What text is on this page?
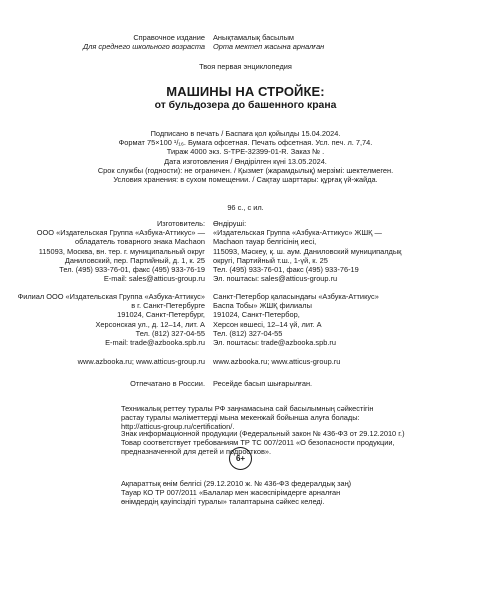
Справочное издание
Для среднего школьного возраста
Анықтамалық басылым
Орта мектеп жасына арналған
Твоя первая энциклопедия
МАШИНЫ НА СТРОЙКЕ:
от бульдозера до башенного крана
Подписано в печать / Баспаға қол қойылды 15.04.2024.
Формат 75×100 ¹/₁₆. Бумага офсетная. Печать офсетная. Усл. печ. л. 7,74.
Тираж 4000 экз. S-TPE-32399-01-R. Заказ № .
Дата изготовления / Өндірілген күні 13.05.2024.
Срок службы (годности): не ограничен. / Қызмет (жарамдылық) мерзімі: шектелмеген.
Условия хранения: в сухом помещении. / Сақтау шарттары: құрғақ үй-жайда.
96 с., с ил.
Изготовитель:
ООО «Издательская Группа «Азбука-Аттикус» —
обладатель товарного знака Machaon
115093, Москва, вн. тер. г. муниципальный округ
Даниловский, пер. Партийный, д. 1, к. 25
Тел. (495) 933-76-01, факс (495) 933-76-19
E-mail: sales@atticus-group.ru
Өндіруші:
«Издательская Группа «Азбука-Аттикус» ЖШҚ —
Machaon тауар белгісінің иесі,
115093, Мәскеу, қ. ш. аум. Даниловский муниципалдық
округі, Партийный т.ш., 1-үй, к. 25
Тел. (495) 933-76-01, факс (495) 933-76-19
Эл. поштасы: sales@atticus-group.ru
Филиал ООО «Издательская Группа «Азбука-Аттикус»
в г. Санкт-Петербурге
191024, Санкт-Петербург,
Херсонская ул., д. 12–14, лит. А
Тел. (812) 327-04-55
E-mail: trade@azbooka.spb.ru
Санкт-Петербор қаласындағы «Азбука-Аттикус»
Баспа Тобы» ЖШҚ филиалы
191024, Санкт-Петербор,
Херсон көшесі, 12–14 үй, лит. А
Тел. (812) 327-04-55
Эл. поштасы: trade@azbooka.spb.ru
www.azbooka.ru; www.atticus-group.ru www.azbooka.ru; www.atticus-group.ru
Отпечатано в России. Ресейде басып шығарылған.
Техникалық реттеу туралы РФ заңнамасына сай басылымның сәйкестігін
растау туралы мәліметтерді мына мекенжай бойынша алуға болады:
http://atticus-group.ru/certification/.
Знак информационной продукции (Федеральный закон № 436-ФЗ от 29.12.2010 г.)
Товар соответствует требованиям ТР ТС 007/2011 «О безопасности продукции,
предназначенной для детей и подростков».
6+
Ақпараттық өнім белгісі (29.12.2010 ж. № 436-ФЗ федералдық заң)
Тауар КО ТР 007/2011 «Балалар мен жасөспірімдерге арналған
өнімдердің қауіпсіздігі туралы» талаптарына сәйкес келеді.
